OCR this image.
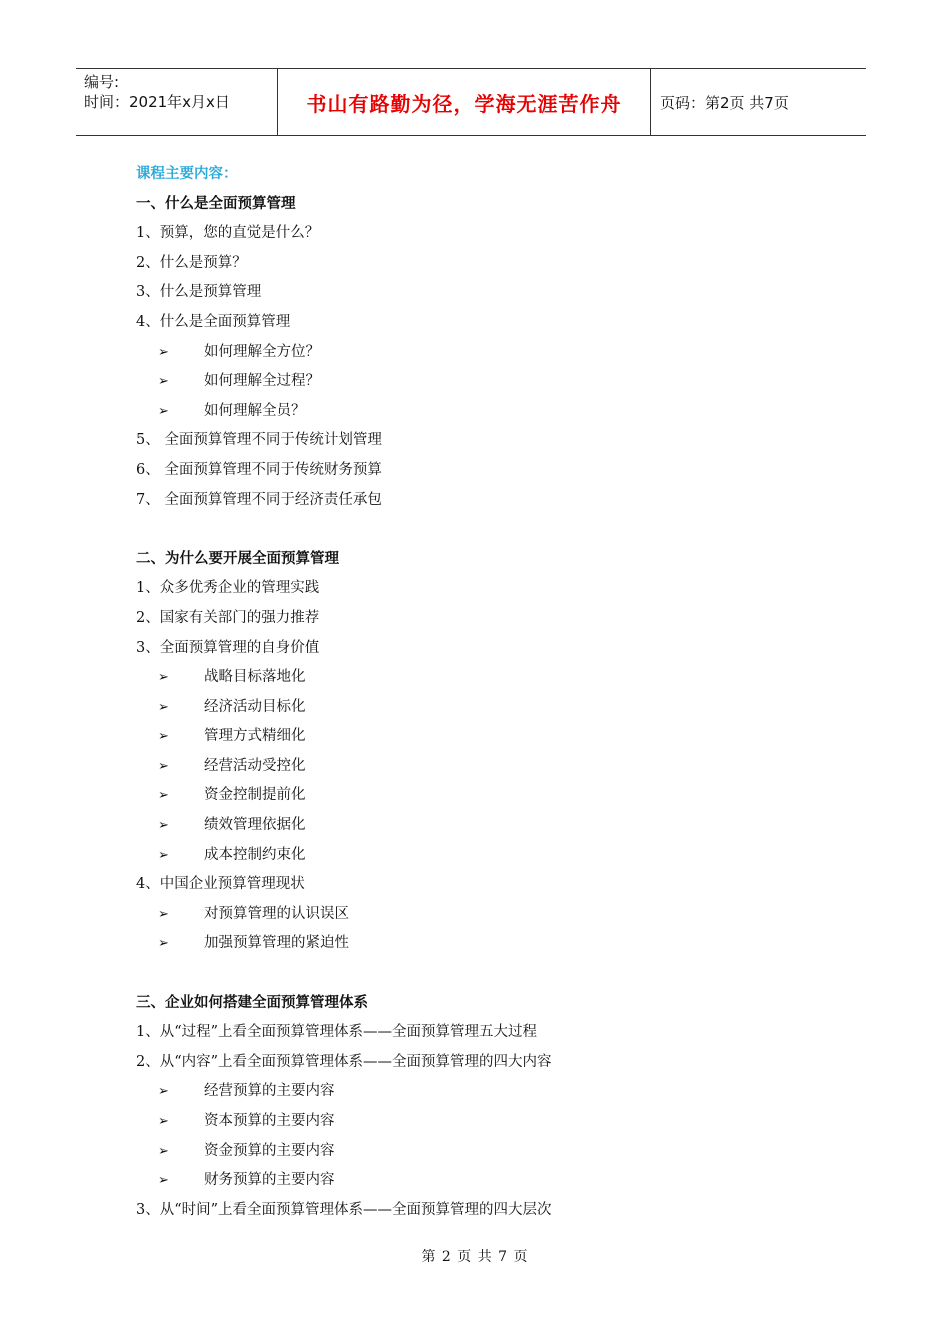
编号:
时间：2021年x月x日	书山有路勤为径，学海无涯苦作舟	页码：第2页 共7页
课程主要内容：
一、什么是全面预算管理
1、预算，您的直觉是什么？
2、什么是预算？
3、什么是预算管理
4、什么是全面预算管理
➢ 如何理解全方位？
➢ 如何理解全过程？
➢ 如何理解全员？
5、 全面预算管理不同于传统计划管理
6、 全面预算管理不同于传统财务预算
7、 全面预算管理不同于经济责任承包
二、为什么要开展全面预算管理
1、众多优秀企业的管理实践
2、国家有关部门的强力推荐
3、全面预算管理的自身价值
➢ 战略目标落地化
➢ 经济活动目标化
➢ 管理方式精细化
➢ 经营活动受控化
➢ 资金控制提前化
➢ 绩效管理依据化
➢ 成本控制约束化
4、中国企业预算管理现状
➢ 对预算管理的认识误区
➢ 加强预算管理的紧迫性
三、企业如何搭建全面预算管理体系
1、从“过程”上看全面预算管理体系——全面预算管理五大过程
2、从“内容”上看全面预算管理体系——全面预算管理的四大内容
➢ 经营预算的主要内容
➢ 资本预算的主要内容
➢ 资金预算的主要内容
➢ 财务预算的主要内容
3、从“时间”上看全面预算管理体系——全面预算管理的四大层次
第 2 页 共 7 页
